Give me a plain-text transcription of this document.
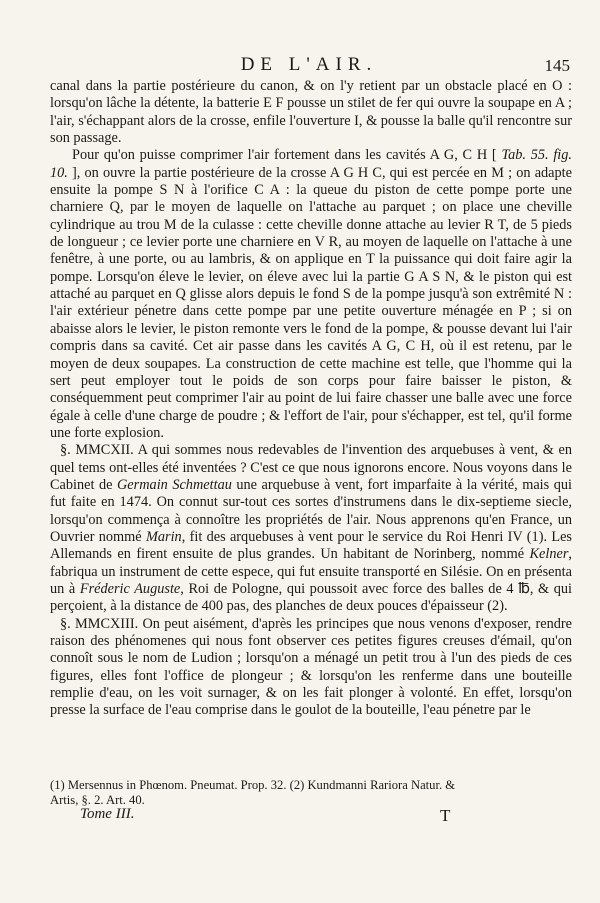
DE L'AIR.	145

canal dans la partie postérieure du canon, & on l'y retient par un obstacle placé en O : lorsqu'on lâche la détente, la batterie E F pousse un stilet de fer qui ouvre la soupape en A ; l'air, s'échappant alors de la crosse, enfile l'ouverture I, & pousse la balle qu'il rencontre sur son passage.

Pour qu'on puisse comprimer l'air fortement dans les cavités A G, C H [ Tab. 55. fig. 10. ], on ouvre la partie postérieure de la crosse A G H C, qui est percée en M ; on adapte ensuite la pompe S N à l'orifice C A : la queue du piston de cette pompe porte une charniere Q, par le moyen de laquelle on l'attache au parquet ; on place une cheville cylindrique au trou M de la culasse : cette cheville donne attache au levier R T, de 5 pieds de longueur ; ce levier porte une charniere en V R, au moyen de laquelle on l'attache à une fenêtre, à une porte, ou au lambris, & on applique en T la puissance qui doit faire agir la pompe. Lorsqu'on éleve le levier, on éleve avec lui la partie G A S N, & le piston qui est attaché au parquet en Q glisse alors depuis le fond S de la pompe jusqu'à son extrêmité N : l'air extérieur pénetre dans cette pompe par une petite ouverture ménagée en P ; si on abaisse alors le levier, le piston remonte vers le fond de la pompe, & pousse devant lui l'air compris dans sa cavité. Cet air passe dans les cavités A G, C H, où il est retenu, par le moyen de deux soupapes. La construction de cette machine est telle, que l'homme qui la sert peut employer tout le poids de son corps pour faire baisser le piston, & conséquemment peut comprimer l'air au point de lui faire chasser une balle avec une force égale à celle d'une charge de poudre ; & l'effort de l'air, pour s'échapper, est tel, qu'il forme une forte explosion.

§. MMCXII. A qui sommes nous redevables de l'invention des arquebuses à vent, & en quel tems ont-elles été inventées ? C'est ce que nous ignorons encore. Nous voyons dans le Cabinet de Germain Schmettau une arquebuse à vent, fort imparfaite à la vérité, mais qui fut faite en 1474. On connut sur-tout ces sortes d'instrumens dans le dix-septieme siecle, lorsqu'on commença à connoître les propriétés de l'air. Nous apprenons qu'en France, un Ouvrier nommé Marin, fit des arquebuses à vent pour le service du Roi Henri IV (1). Les Allemands en firent ensuite de plus grandes. Un habitant de Norinberg, nommé Kelner, fabriqua un instrument de cette espece, qui fut ensuite transporté en Silésie. On en présenta un à Fréderic Auguste, Roi de Pologne, qui poussoit avec force des balles de 4 ℔, & qui perçoient, à la distance de 400 pas, des planches de deux pouces d'épaisseur (2).

§. MMCXIII. On peut aisément, d'après les principes que nous venons d'exposer, rendre raison des phénomenes qui nous font observer ces petites figures creuses d'émail, qu'on connoît sous le nom de Ludion ; lorsqu'on a ménagé un petit trou à l'un des pieds de ces figures, elles font l'office de plongeur ; & lorsqu'on les renferme dans une bouteille remplie d'eau, on les voit surnager, & on les fait plonger à volonté. En effet, lorsqu'on presse la surface de l'eau comprise dans le goulot de la bouteille, l'eau pénetre par le

(1) Mersennus in Phœnom. Pneumat. Prop. 32. (2) Kundmanni Rariora Natur. &

Artis, §. 2. Art. 40.

Tome III.	T
